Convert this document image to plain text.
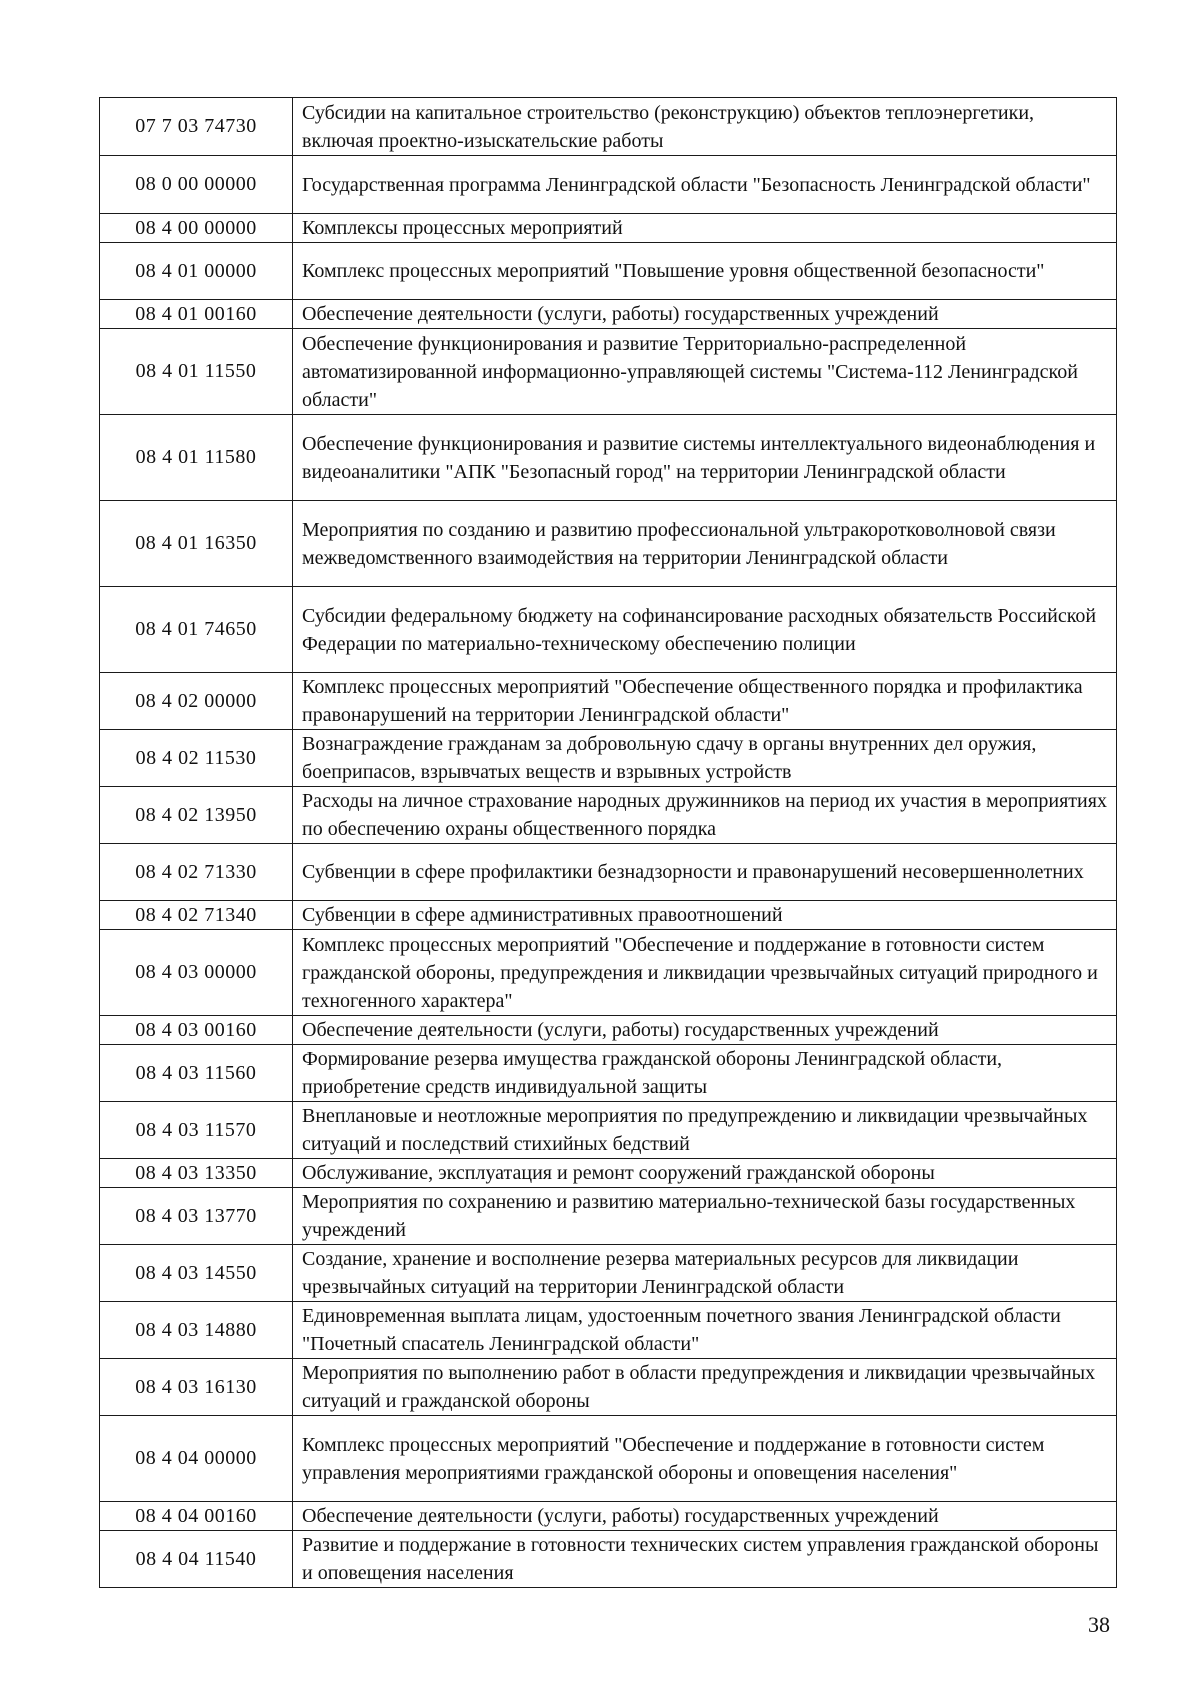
07 7 03 74730	Субсидии на капитальное строительство (реконструкцию) объектов теплоэнергетики, включая проектно-изыскательские работы
08 0 00 00000	Государственная программа Ленинградской области "Безопасность Ленинградской области"
08 4 00 00000	Комплексы процессных мероприятий
08 4 01 00000	Комплекс процессных мероприятий "Повышение уровня общественной безопасности"
08 4 01 00160	Обеспечение деятельности (услуги, работы) государственных учреждений
08 4 01 11550	Обеспечение функционирования и развитие Территориально-распределенной автоматизированной информационно-управляющей системы "Система-112 Ленинградской области"
08 4 01 11580	Обеспечение функционирования и развитие системы интеллектуального видеонаблюдения и видеоаналитики "АПК "Безопасный город" на территории Ленинградской области
08 4 01 16350	Мероприятия по созданию и развитию профессиональной ультракоротковолновой связи межведомственного взаимодействия на территории Ленинградской области
08 4 01 74650	Субсидии федеральному бюджету на софинансирование расходных обязательств Российской Федерации по материально-техническому обеспечению полиции
08 4 02 00000	Комплекс процессных мероприятий "Обеспечение общественного порядка и профилактика правонарушений на территории Ленинградской области"
08 4 02 11530	Вознаграждение гражданам за добровольную сдачу в органы внутренних дел оружия, боеприпасов, взрывчатых веществ и взрывных устройств
08 4 02 13950	Расходы на личное страхование народных дружинников на период их участия в мероприятиях по обеспечению охраны общественного порядка
08 4 02 71330	Субвенции в сфере профилактики безнадзорности и правонарушений несовершеннолетних
08 4 02 71340	Субвенции в сфере административных правоотношений
08 4 03 00000	Комплекс процессных мероприятий "Обеспечение и поддержание в готовности систем гражданской обороны, предупреждения и ликвидации чрезвычайных ситуаций природного и техногенного характера"
08 4 03 00160	Обеспечение деятельности (услуги, работы) государственных учреждений
08 4 03 11560	Формирование резерва имущества гражданской обороны Ленинградской области, приобретение средств индивидуальной защиты
08 4 03 11570	Внеплановые и неотложные мероприятия по предупреждению и ликвидации чрезвычайных ситуаций и последствий стихийных бедствий
08 4 03 13350	Обслуживание, эксплуатация и ремонт сооружений гражданской обороны
08 4 03 13770	Мероприятия по сохранению и развитию материально-технической базы государственных учреждений
08 4 03 14550	Создание, хранение и восполнение резерва материальных ресурсов для ликвидации чрезвычайных ситуаций на территории Ленинградской области
08 4 03 14880	Единовременная выплата лицам, удостоенным почетного звания Ленинградской области "Почетный спасатель Ленинградской области"
08 4 03 16130	Мероприятия по выполнению работ в области предупреждения и ликвидации чрезвычайных ситуаций и гражданской обороны
08 4 04 00000	Комплекс процессных мероприятий "Обеспечение и поддержание в готовности систем управления мероприятиями гражданской обороны и оповещения населения"
08 4 04 00160	Обеспечение деятельности (услуги, работы) государственных учреждений
08 4 04 11540	Развитие и поддержание в готовности технических систем управления гражданской обороны и оповещения населения
38
